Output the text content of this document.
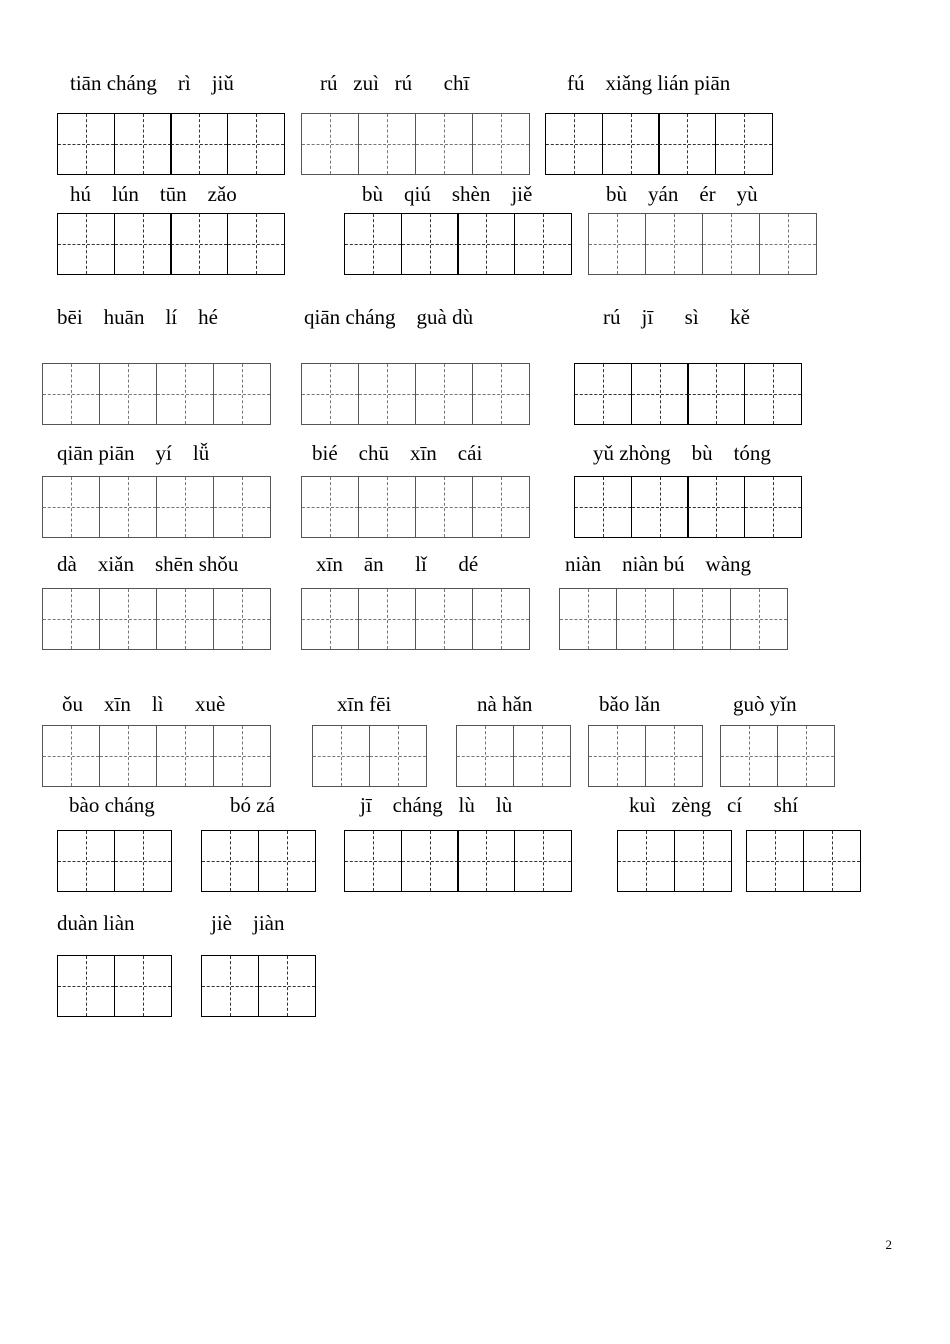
tiān cháng    rì    jiǔ	rú   zuì   rú      chī	fú    xiǎng lián piān
hú    lún    tūn    zǎo	bù    qiú    shèn    jiě	bù    yán    ér    yù
bēi    huān    lí    hé	qiān cháng    guà dù	rú    jī      sì      kě
qiān piān    yí    lǚ	bié    chū    xīn    cái	yǔ zhòng    bù    tóng
dà    xiǎn    shēn shǒu	xīn    ān      lǐ      dé	niàn    niàn bú    wàng
ǒu    xīn    lì      xuè	xīn fēi	nà hǎn	bǎo lǎn	guò yǐn
bào cháng	bó zá	jī    cháng   lù    lù	kuì   zèng   cí      shí
duàn liàn	jiè    jiàn
2
